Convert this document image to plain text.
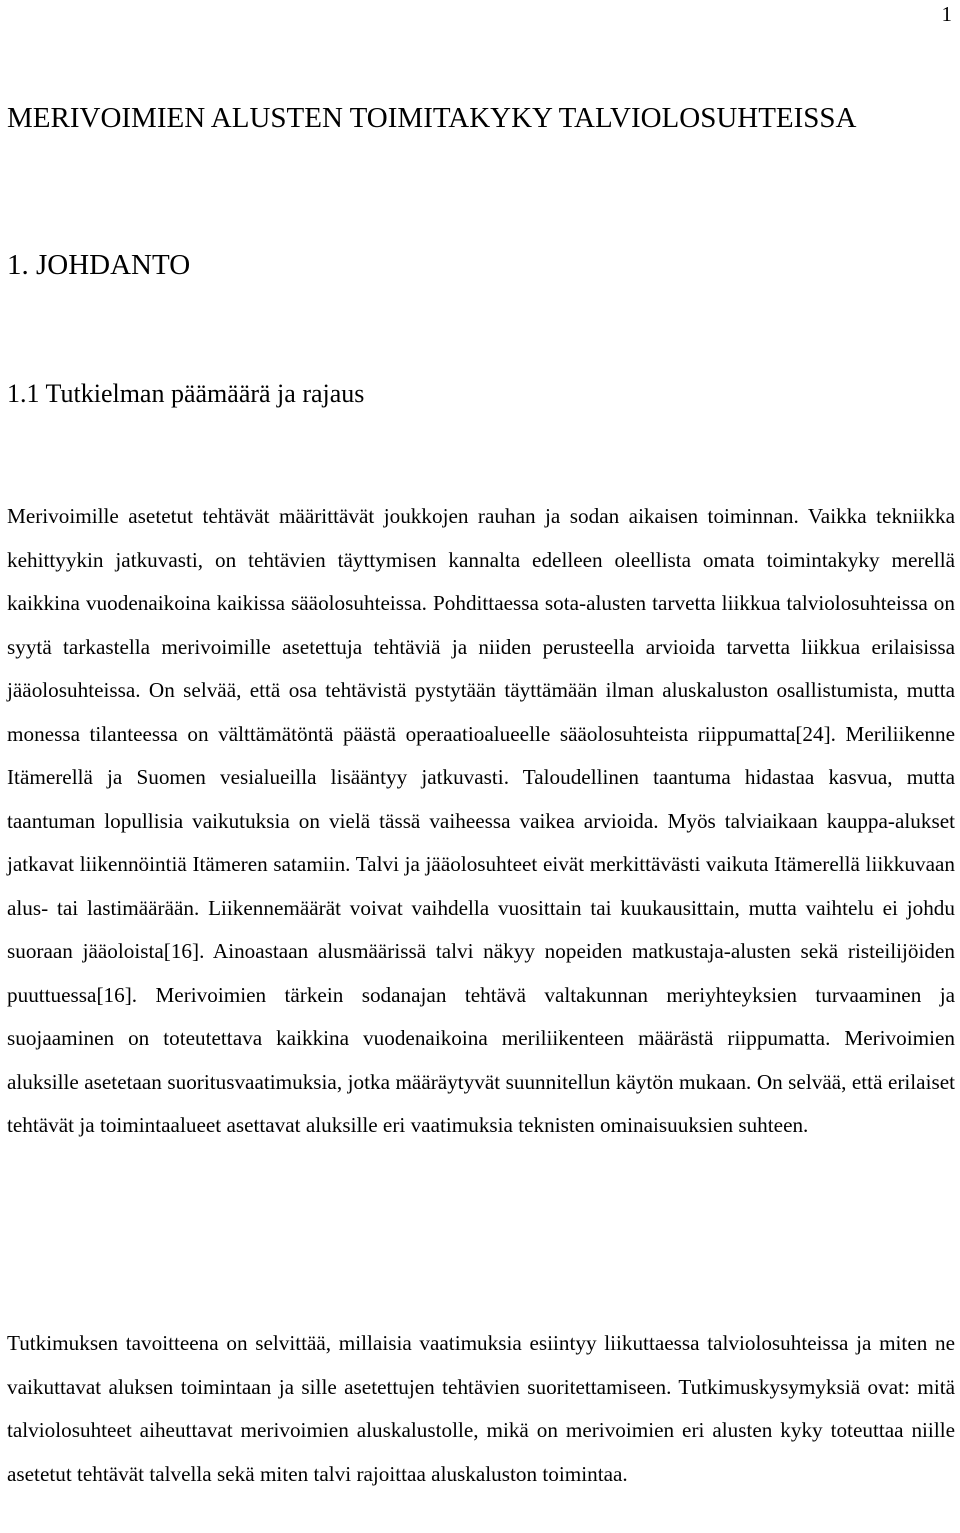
1
MERIVOIMIEN ALUSTEN TOIMITAKYKY TALVIOLOSUHTEISSA
1. JOHDANTO
1.1 Tutkielman päämäärä ja rajaus

Merivoimille asetetut tehtävät määrittävät joukkojen rauhan ja sodan aikaisen toiminnan. Vaikka tekniikka kehittyykin jatkuvasti, on tehtävien täyttymisen kannalta edelleen oleellista omata toimintakyky merellä kaikkina vuodenaikoina kaikissa sääolosuhteissa. Pohdittaessa sota-alusten tarvetta liikkua talviolosuhteissa on syytä tarkastella merivoimille asetettuja tehtäviä ja niiden perusteella arvioida tarvetta liikkua erilaisissa jääolosuhteissa. On selvää, että osa tehtävistä pystytään täyttämään ilman aluskaluston osallistumista, mutta monessa tilanteessa on välttämätöntä päästä operaatioalueelle sääolosuhteista riippumatta[24]. Meriliikenne Itämerellä ja Suomen vesialueilla lisääntyy jatkuvasti. Taloudellinen taantuma hidastaa kasvua, mutta taantuman lopullisia vaikutuksia on vielä tässä vaiheessa vaikea arvioida. Myös talviaikaan kauppa-alukset jatkavat liikennöintiä Itämeren satamiin. Talvi ja jääolosuhteet eivät merkittävästi vaikuta Itämerellä liikkuvaan alus- tai lastimäärään. Liikennemäärät voivat vaihdella vuosittain tai kuukausittain, mutta vaihtelu ei johdu suoraan jääoloista[16]. Ainoastaan alusmäärissä talvi näkyy nopeiden matkustaja-alusten sekä risteilijöiden puuttuessa[16]. Merivoimien tärkein sodanajan tehtävä valtakunnan meriyhteyksien turvaaminen ja suojaaminen on toteutettava kaikkina vuodenaikoina meriliikenteen määrästä riippumatta. Merivoimien aluksille asetetaan suoritusvaatimuksia, jotka määräytyvät suunnitellun käytön mukaan. On selvää, että erilaiset tehtävät ja toimintaalueet asettavat aluksille eri vaatimuksia teknisten ominaisuuksien suhteen.

Tutkimuksen tavoitteena on selvittää, millaisia vaatimuksia esiintyy liikuttaessa talviolosuhteissa ja miten ne vaikuttavat aluksen toimintaan ja sille asetettujen tehtävien suoritettamiseen. Tutkimuskysymyksiä ovat: mitä talviolosuhteet aiheuttavat merivoimien aluskalustolle, mikä on merivoimien eri alusten kyky toteuttaa niille asetetut tehtävät talvella sekä miten talvi rajoittaa aluskaluston toimintaa.
